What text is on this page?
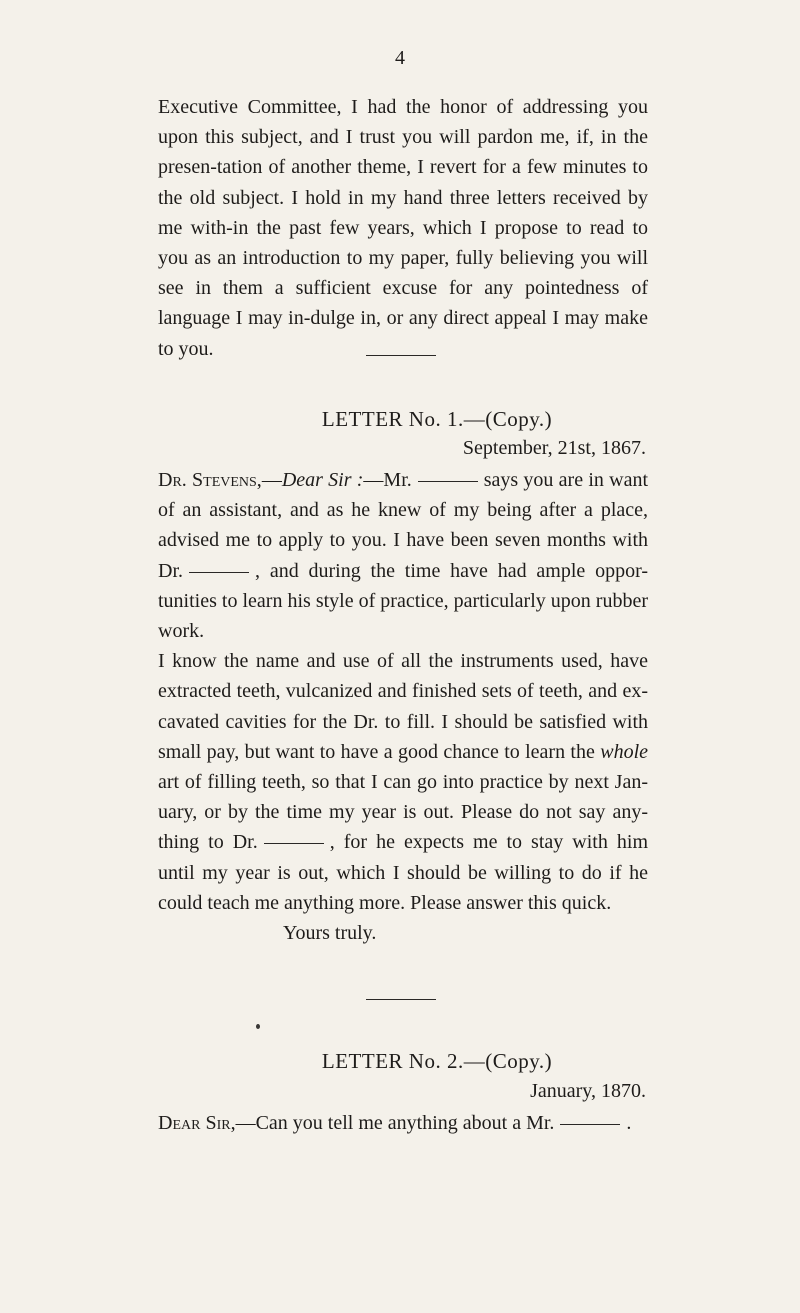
4

Executive Committee, I had the honor of addressing you upon this subject, and I trust you will pardon me, if, in the presen-tation of another theme, I revert for a few minutes to the old subject. I hold in my hand three letters received by me with-in the past few years, which I propose to read to you as an introduction to my paper, fully believing you will see in them a sufficient excuse for any pointedness of language I may in-dulge in, or any direct appeal I may make to you.

LETTER No. 1.—(Copy.)
September, 21st, 1867.

Dr. Stevens,—Dear Sir :—Mr.	says you are in want of an assistant, and as he knew of my being after a place, advised me to apply to you. I have been seven months with Dr.	, and during the time have had ample oppor-tunities to learn his style of practice, particularly upon rubber work.

I know the name and use of all the instruments used, have extracted teeth, vulcanized and finished sets of teeth, and ex-cavated cavities for the Dr. to fill. I should be satisfied with small pay, but want to have a good chance to learn the whole art of filling teeth, so that I can go into practice by next Jan-uary, or by the time my year is out. Please do not say any-thing to Dr.	, for he expects me to stay with him until my year is out, which I should be willing to do if he could teach me anything more. Please answer this quick.

Yours truly.

LETTER No. 2.—(Copy.)
January, 1870.
Dear Sir,—Can you tell me anything about a Mr.	.
